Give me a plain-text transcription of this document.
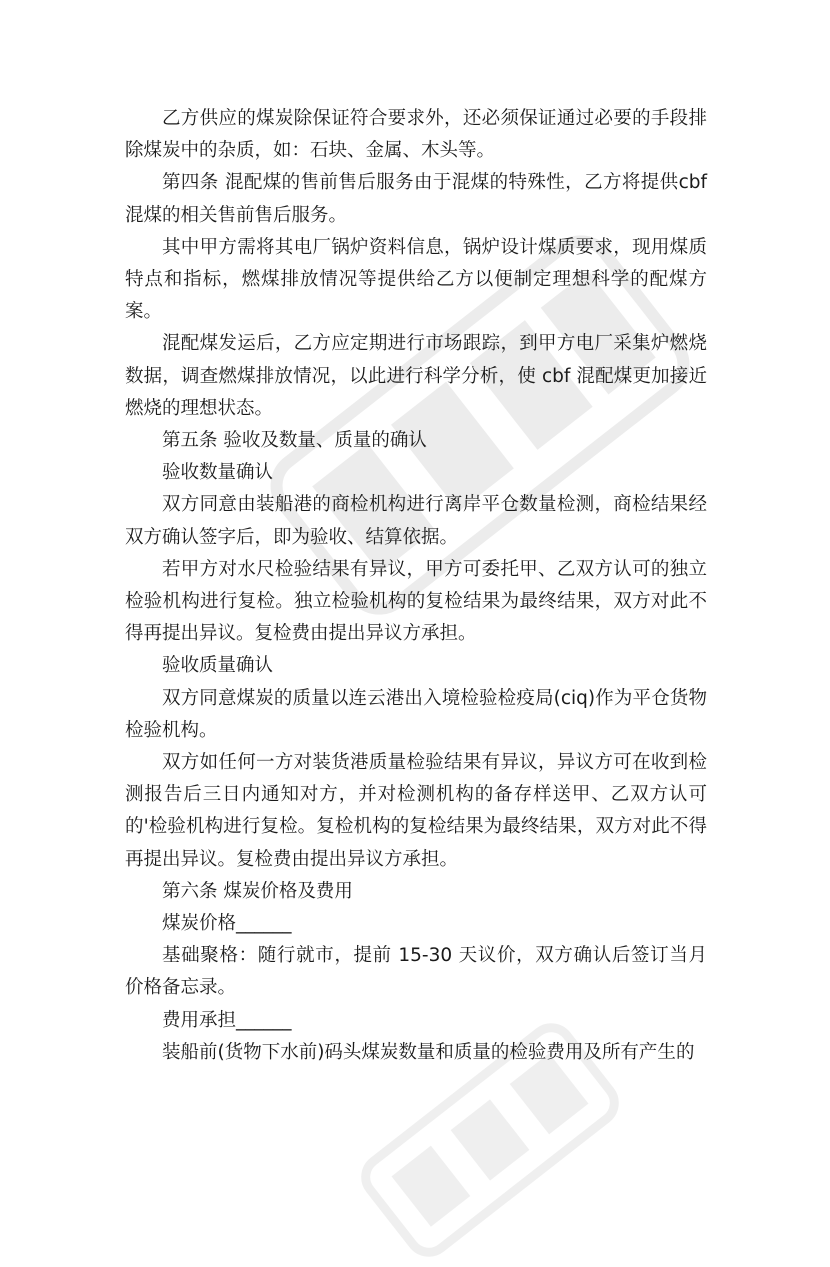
乙方供应的煤炭除保证符合要求外，还必须保证通过必要的手段排除煤炭中的杂质，如：石块、金属、木头等。

第四条 混配煤的售前售后服务由于混煤的特殊性，乙方将提供cbf 混煤的相关售前售后服务。

其中甲方需将其电厂锅炉资料信息，锅炉设计煤质要求，现用煤质特点和指标，燃煤排放情况等提供给乙方以便制定理想科学的配煤方案。

混配煤发运后，乙方应定期进行市场跟踪，到甲方电厂采集炉燃烧数据，调查燃煤排放情况，以此进行科学分析，使 cbf 混配煤更加接近燃烧的理想状态。

第五条 验收及数量、质量的确认

验收数量确认

双方同意由装船港的商检机构进行离岸平仓数量检测，商检结果经双方确认签字后，即为验收、结算依据。

若甲方对水尺检验结果有异议，甲方可委托甲、乙双方认可的独立检验机构进行复检。独立检验机构的复检结果为最终结果，双方对此不得再提出异议。复检费由提出异议方承担。

验收质量确认

双方同意煤炭的质量以连云港出入境检验检疫局(ciq)作为平仓货物检验机构。

双方如任何一方对装货港质量检验结果有异议，异议方可在收到检测报告后三日内通知对方，并对检测机构的备存样送甲、乙双方认可的'检验机构进行复检。复检机构的复检结果为最终结果，双方对此不得再提出异议。复检费由提出异议方承担。

第六条 煤炭价格及费用

煤炭价格______

基础聚格：随行就市，提前 15-30 天议价，双方确认后签订当月价格备忘录。

费用承担______

装船前(货物下水前)码头煤炭数量和质量的检验费用及所有产生的
